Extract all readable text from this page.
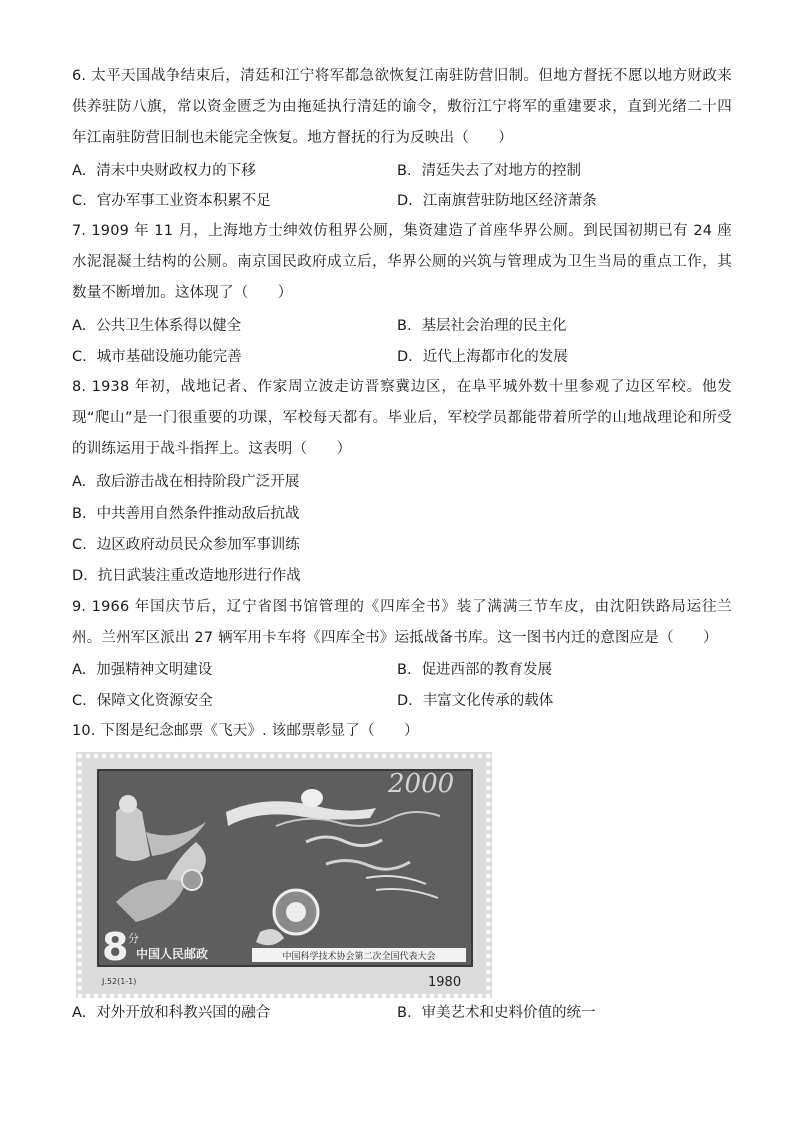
6. 太平天国战争结束后，清廷和江宁将军都急欲恢复江南驻防营旧制。但地方督抚不愿以地方财政来供养驻防八旗，常以资金匮乏为由拖延执行清廷的谕令，敷衍江宁将军的重建要求，直到光绪二十四年江南驻防营旧制也未能完全恢复。地方督抚的行为反映出（　　）

A. 清末中央财政权力的下移	B. 清廷失去了对地方的控制
C. 官办军事工业资本积累不足	D. 江南旗营驻防地区经济萧条

7. 1909 年 11 月，上海地方士绅效仿租界公厕，集资建造了首座华界公厕。到民国初期已有 24 座水泥混凝土结构的公厕。南京国民政府成立后，华界公厕的兴筑与管理成为卫生当局的重点工作，其数量不断增加。这体现了（　　）

A. 公共卫生体系得以健全	B. 基层社会治理的民主化
C. 城市基础设施功能完善	D. 近代上海都市化的发展

8. 1938 年初，战地记者、作家周立波走访晋察冀边区，在阜平城外数十里参观了边区军校。他发现“爬山”是一门很重要的功课，军校每天都有。毕业后，军校学员都能带着所学的山地战理论和所受的训练运用于战斗指挥上。这表明（　　）

A. 敌后游击战在相持阶段广泛开展
B. 中共善用自然条件推动敌后抗战
C. 边区政府动员民众参加军事训练
D. 抗日武装注重改造地形进行作战

9. 1966 年国庆节后，辽宁省图书馆管理的《四库全书》装了满满三节车皮，由沈阳铁路局运往兰州。兰州军区派出 27 辆军用卡车将《四库全书》运抵战备书库。这一图书内迁的意图应是（　　）

A. 加强精神文明建设	B. 促进西部的教育发展
C. 保障文化资源安全	D. 丰富文化传承的载体

10. 下图是纪念邮票《飞天》. 该邮票彰显了（　　）

中国科学技术协会第二次全国代表大会
2000
8 分
中国人民邮政
J.52(1-1)	1980
A. 对外开放和科教兴国的融合	B. 审美艺术和史料价值的统一
